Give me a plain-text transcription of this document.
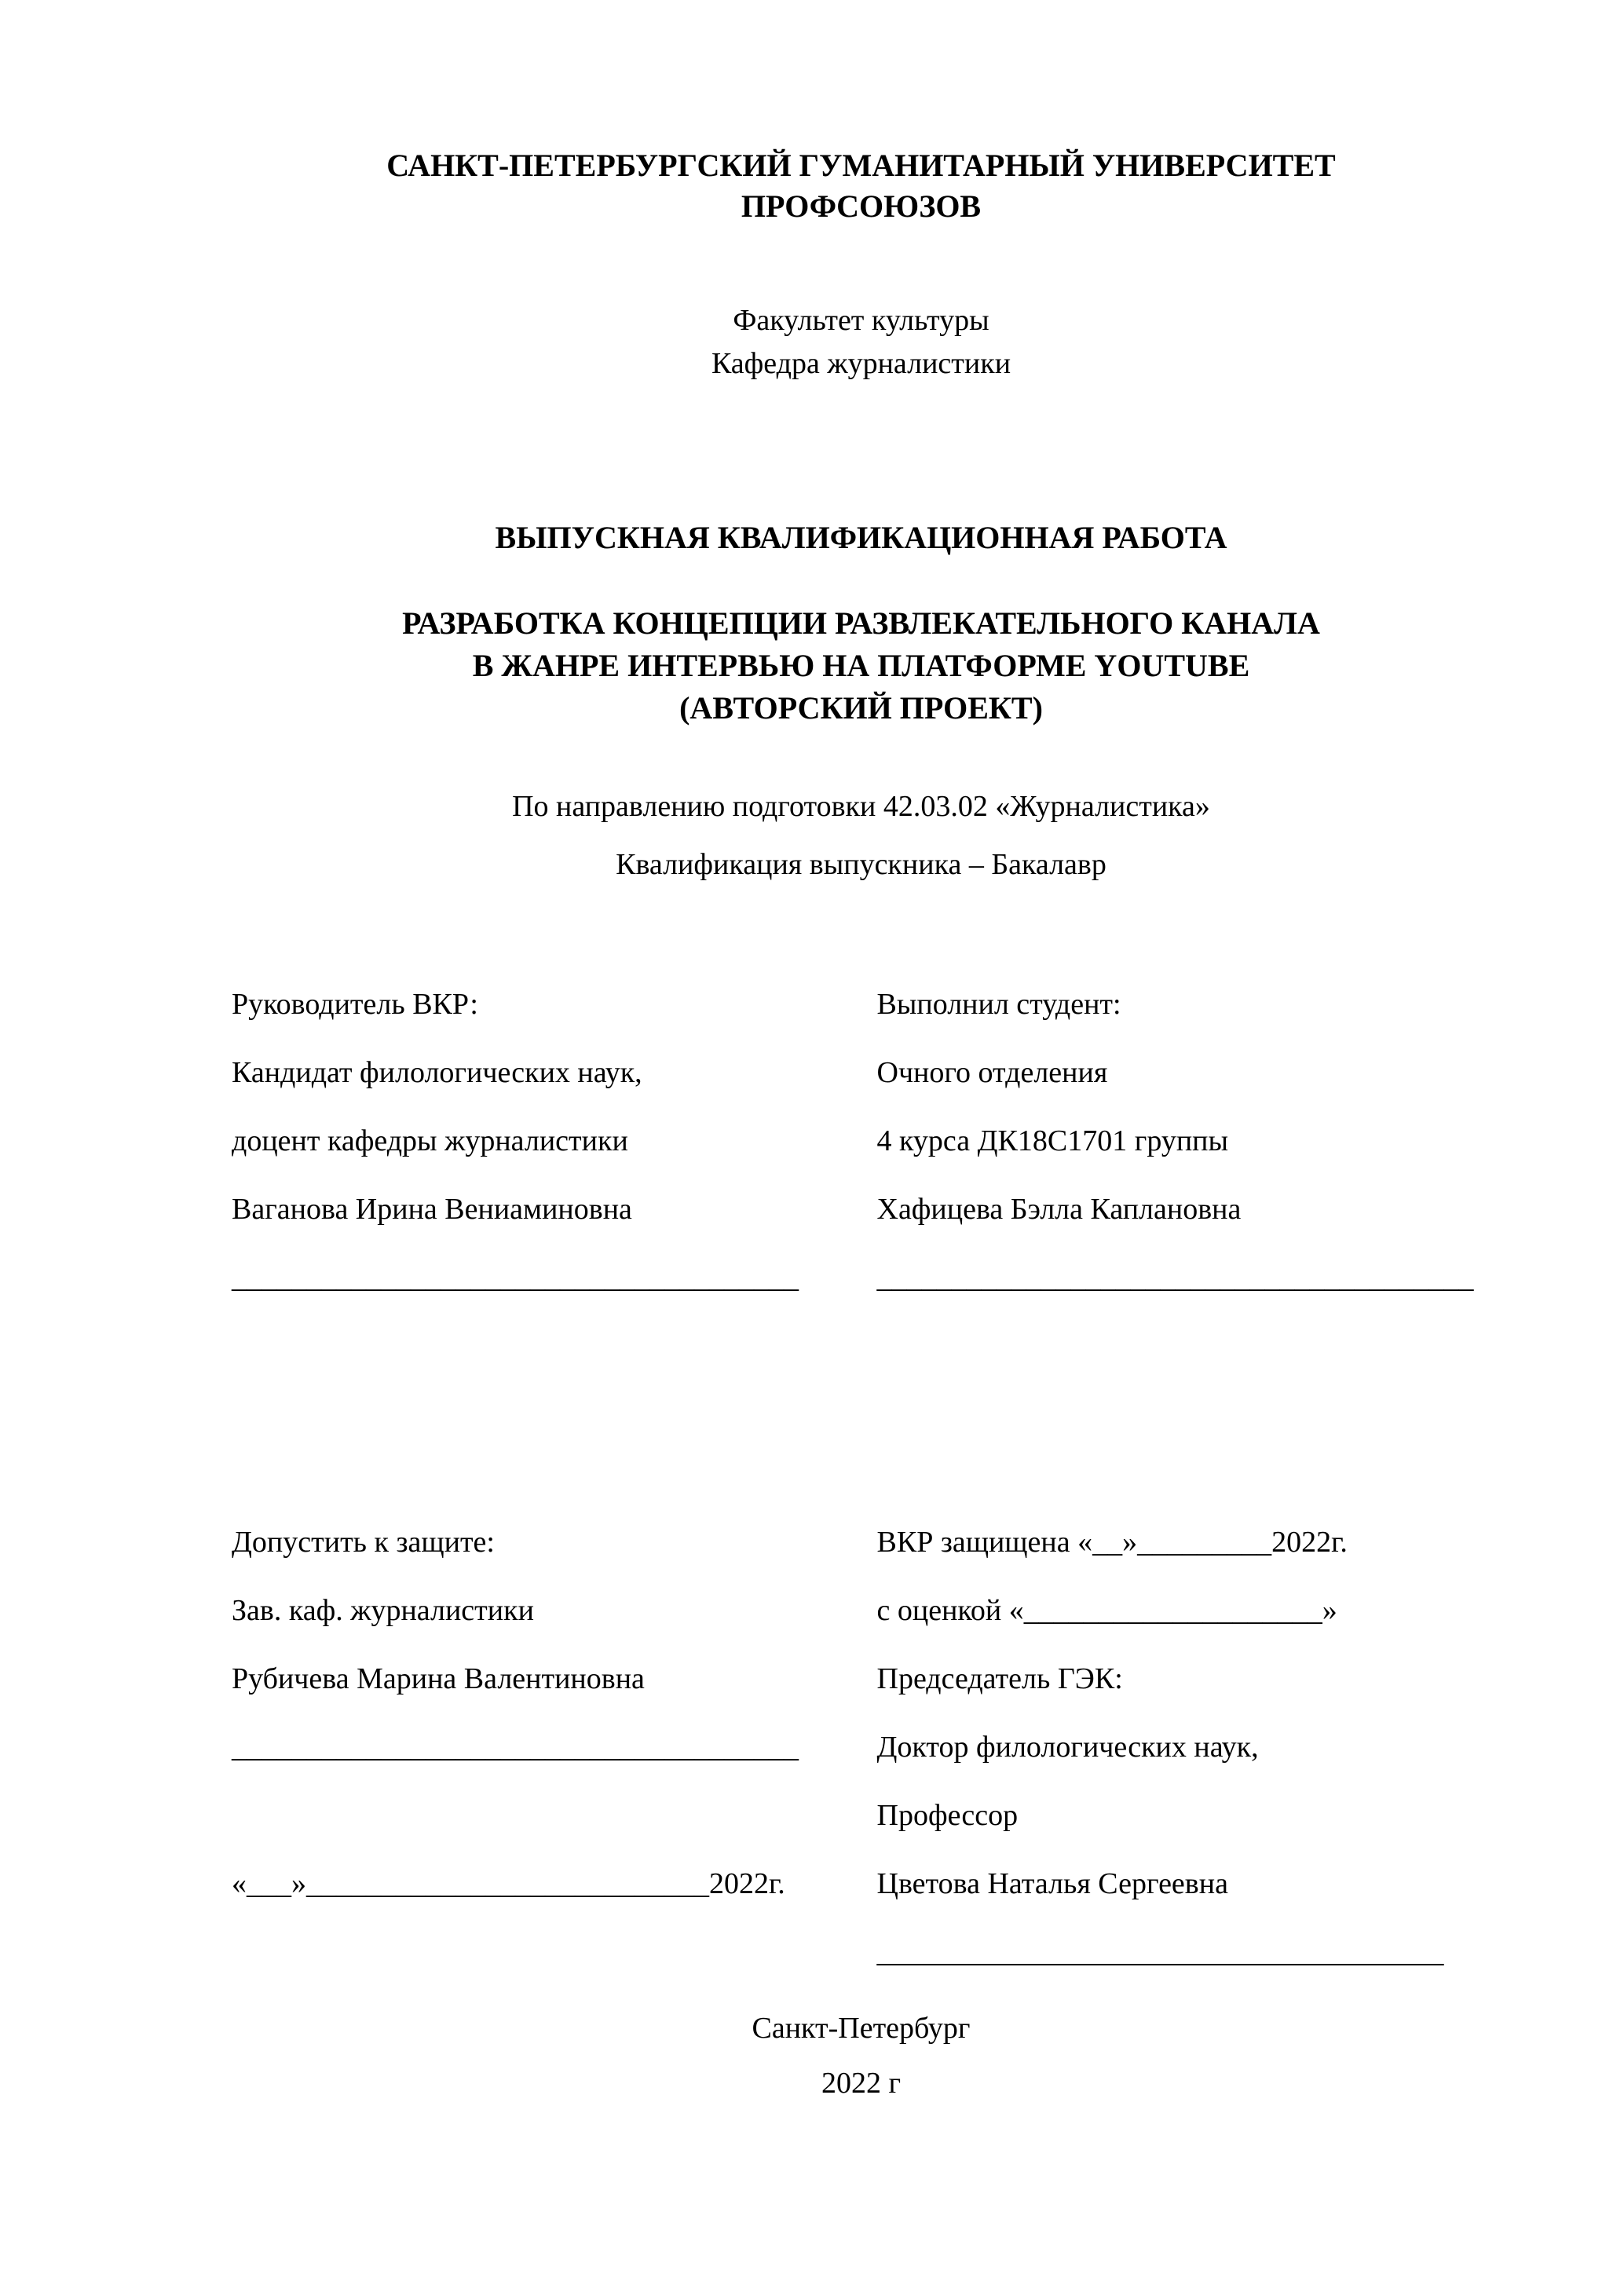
САНКТ-ПЕТЕРБУРГСКИЙ ГУМАНИТАРНЫЙ УНИВЕРСИТЕТ
ПРОФСОЮЗОВ
Факультет культуры
Кафедра журналистики
ВЫПУСКНАЯ КВАЛИФИКАЦИОННАЯ РАБОТА
РАЗРАБОТКА КОНЦЕПЦИИ РАЗВЛЕКАТЕЛЬНОГО КАНАЛА
В ЖАНРЕ ИНТЕРВЬЮ НА ПЛАТФОРМЕ YOUTUBE
(АВТОРСКИЙ ПРОЕКТ)
По направлению подготовки 42.03.02 «Журналистика»
Квалификация выпускника – Бакалавр
Руководитель ВКР:
Кандидат филологических наук,
доцент кафедры журналистики
Ваганова Ирина Вениаминовна
______________________________________
Выполнил студент:
Очного отделения
4 курса ДК18С1701 группы
Хафицева Бэлла Каплановна
________________________________________
Допустить к защите:
Зав. каф. журналистики
Рубичева Марина Валентиновна
______________________________________
«___»___________________________2022г.
ВКР защищена «__»_________2022г.
с оценкой «____________________»
Председатель ГЭК:
Доктор филологических наук,
Профессор
Цветова Наталья Сергеевна
______________________________________
Санкт-Петербург
2022 г
